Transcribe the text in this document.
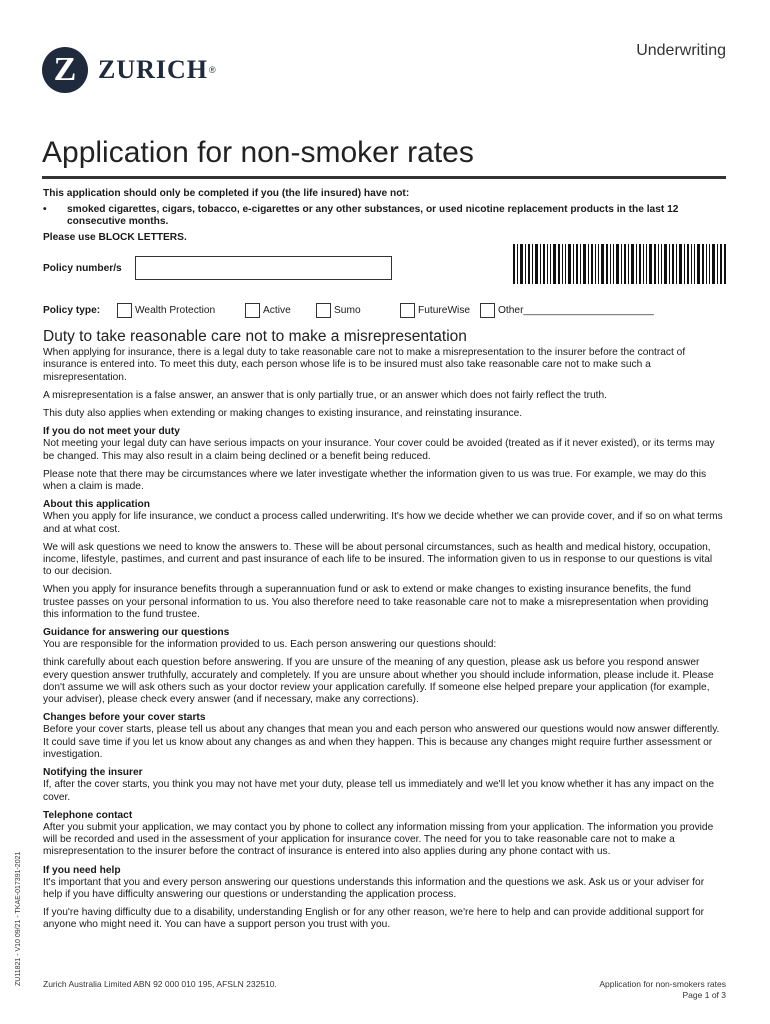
Z ZURICH ®
Underwriting
Application for non-smoker rates
This application should only be completed if you (the life insured) have not:
• smoked cigarettes, cigars, tobacco, e-cigarettes or any other substances, or used nicotine replacement products in the last 12 consecutive months.
Please use BLOCK LETTERS.
Policy number/s
Policy type:	Wealth Protection	Active	Sumo	FutureWise	Other_______________________
Duty to take reasonable care not to make a misrepresentation

When applying for insurance, there is a legal duty to take reasonable care not to make a misrepresentation to the insurer before the contract of insurance is entered into. To meet this duty, each person whose life is to be insured must also take reasonable care not to make such a misrepresentation.

A misrepresentation is a false answer, an answer that is only partially true, or an answer which does not fairly reflect the truth.

This duty also applies when extending or making changes to existing insurance, and reinstating insurance.

If you do not meet your duty

Not meeting your legal duty can have serious impacts on your insurance. Your cover could be avoided (treated as if it never existed), or its terms may be changed. This may also result in a claim being declined or a benefit being reduced.

Please note that there may be circumstances where we later investigate whether the information given to us was true. For example, we may do this when a claim is made.

About this application

When you apply for life insurance, we conduct a process called underwriting. It's how we decide whether we can provide cover, and if so on what terms and at what cost.

We will ask questions we need to know the answers to. These will be about personal circumstances, such as health and medical history, occupation, income, lifestyle, pastimes, and current and past insurance of each life to be insured. The information given to us in response to our questions is vital to our decision.

When you apply for insurance benefits through a superannuation fund or ask to extend or make changes to existing insurance benefits, the fund trustee passes on your personal information to us. You also therefore need to take reasonable care not to make a misrepresentation when providing this information to the fund trustee.

Guidance for answering our questions

You are responsible for the information provided to us. Each person answering our questions should:

think carefully about each question before answering. If you are unsure of the meaning of any question, please ask us before you respond answer every question answer truthfully, accurately and completely. If you are unsure about whether you should include information, please include it. Please don't assume we will ask others such as your doctor review your application carefully. If someone else helped prepare your application (for example, your adviser), please check every answer (and if necessary, make any corrections).

Changes before your cover starts

Before your cover starts, please tell us about any changes that mean you and each person who answered our questions would now answer differently. It could save time if you let us know about any changes as and when they happen. This is because any changes might require further assessment or investigation.

Notifying the insurer

If, after the cover starts, you think you may not have met your duty, please tell us immediately and we'll let you know whether it has any impact on the cover.

Telephone contact

After you submit your application, we may contact you by phone to collect any information missing from your application. The information you provide will be recorded and used in the assessment of your application for insurance cover. The need for you to take reasonable care not to make a misrepresentation to the insurer before the contract of insurance is entered into also applies during any phone contact with us.

If you need help

It's important that you and every person answering our questions understands this information and the questions we ask. Ask us or your adviser for help if you have difficulty answering our questions or understanding the application process.

If you're having difficulty due to a disability, understanding English or for any other reason, we're here to help and can provide additional support for anyone who might need it. You can have a support person you trust with you.

ZU11821 - V10 09/21 - TKAE-017391-2021 Zurich Australia Limited ABN 92 000 010 195, AFSLN 232510.	Application for non-smokers rates
Page 1 of 3
